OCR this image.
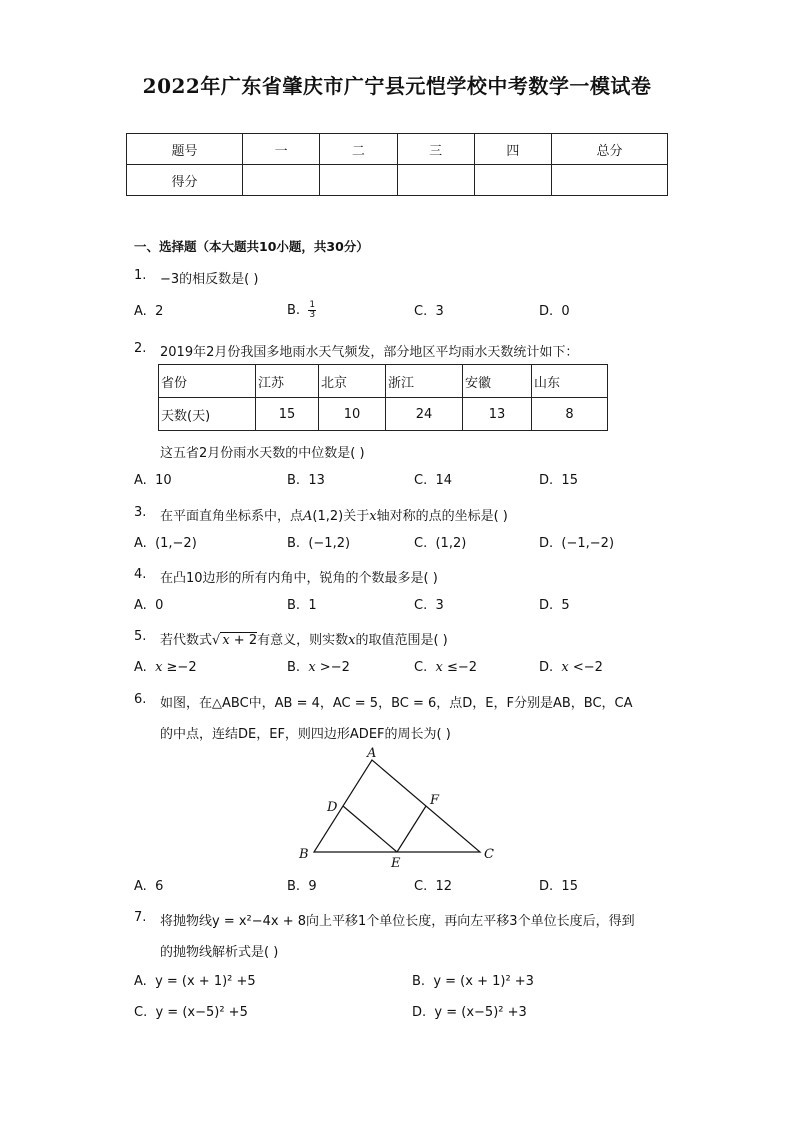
2022年广东省肇庆市广宁县元恺学校中考数学一模试卷
题号	一	二	三	四	总分
得分					
一、选择题（本大题共10小题，共30分）
1. −3的相反数是( )
A. 2	B. $\frac{1}{3}$	C. 3	D. 0
2. 2019年2月份我国多地雨水天气频发，部分地区平均雨水天数统计如下：
省份	江苏	北京	浙江	安徽	山东
天数(天)	15	10	24	13	8
这五省2月份雨水天数的中位数是( )
A. 10	B. 13	C. 14	D. 15
3. 在平面直角坐标系中，点A(1,2)关于x轴对称的点的坐标是( )
A. (1,−2)	B. (−1,2)	C. (1,2)	D. (−1,−2)
4. 在凸10边形的所有内角中，锐角的个数最多是( )
A. 0	B. 1	C. 3	D. 5
5. 若代数式√ x + 2有意义，则实数x的取值范围是( )
A. x ≥−2	B. x >−2	C. x ≤−2	D. x <−2
6. 如图，在△ABC中，AB = 4，AC = 5，BC = 6，点D，E，F分别是AB，BC，CA
的中点，连结DE，EF，则四边形ADEF的周长为( )
A
B	C
D
E
F
A. 6	B. 9	C. 12	D. 15
7. 将抛物线y = x²−4x + 8向上平移1个单位长度，再向左平移3个单位长度后，得到
的抛物线解析式是( )
A. y = (x + 1)² +5	B. y = (x + 1)² +3
C. y = (x−5)² +5	D. y = (x−5)² +3
